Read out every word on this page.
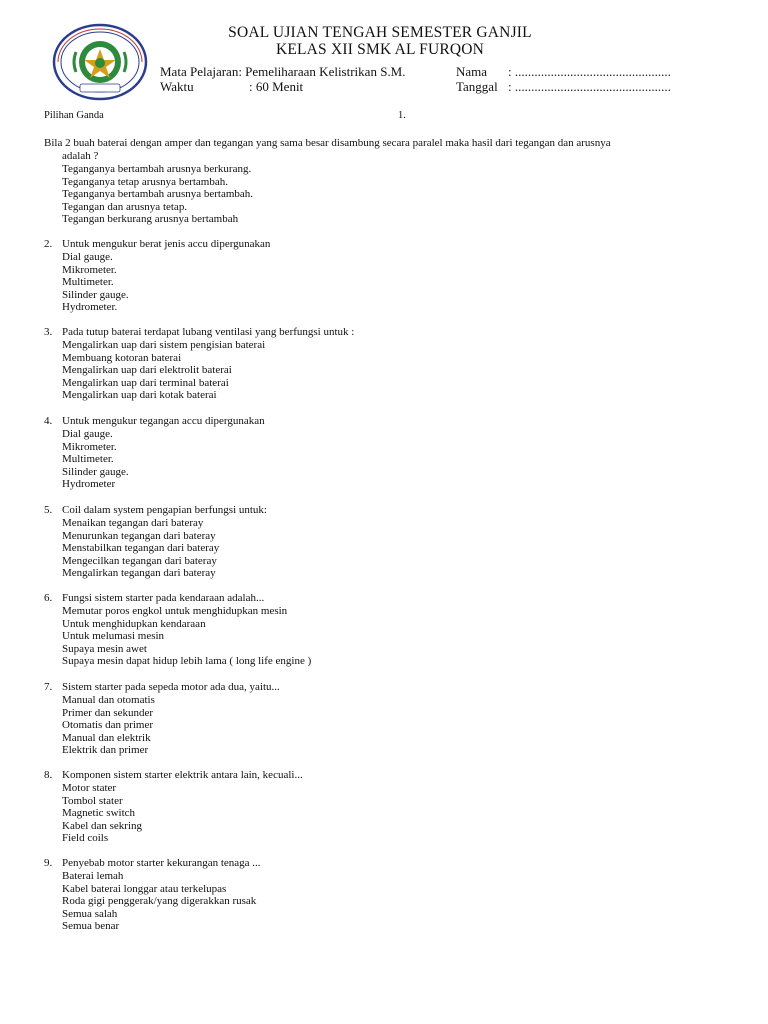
SOAL UJIAN TENGAH SEMESTER GANJIL
KELAS XII SMK AL FURQON
Mata Pelajaran: Pemeliharaan Kelistrikan S.M.
Waktu	: 60 Menit
Nama : ................................................
Tanggal : ................................................
Pilihan Ganda	1.
Bila 2 buah baterai dengan amper dan tegangan yang sama besar disambung secara paralel maka hasil dari tegangan dan arusnya
adalah ?
Teganganya bertambah arusnya berkurang.
Teganganya tetap arusnya bertambah.
Teganganya bertambah arusnya bertambah.
Tegangan dan arusnya tetap.
Tegangan berkurang arusnya bertambah
2. Untuk mengukur berat jenis accu dipergunakan
Dial gauge.
Mikrometer.
Multimeter.
Silinder gauge.
Hydrometer.
3. Pada tutup baterai terdapat lubang ventilasi yang berfungsi untuk :
Mengalirkan uap dari sistem pengisian baterai
Membuang kotoran baterai
Mengalirkan uap dari elektrolit baterai
Mengalirkan uap dari terminal baterai
Mengalirkan uap dari kotak baterai
4. Untuk mengukur tegangan accu dipergunakan
Dial gauge.
Mikrometer.
Multimeter.
Silinder gauge.
Hydrometer
5. Coil dalam system pengapian berfungsi untuk:
Menaikan tegangan dari bateray
Menurunkan tegangan dari bateray
Menstabilkan tegangan dari bateray
Mengecilkan tegangan dari bateray
Mengalirkan tegangan dari bateray
6. Fungsi sistem starter pada kendaraan adalah...
Memutar poros engkol untuk menghidupkan mesin
Untuk menghidupkan kendaraan
Untuk melumasi mesin
Supaya mesin awet
Supaya mesin dapat hidup lebih lama ( long life engine )
7. Sistem starter pada sepeda motor ada dua, yaitu...
Manual dan otomatis
Primer dan sekunder
Otomatis dan primer
Manual dan elektrik
Elektrik dan primer
8. Komponen sistem starter elektrik antara lain, kecuali...
Motor stater
Tombol stater
Magnetic switch
Kabel dan sekring
Field coils
9. Penyebab motor starter kekurangan tenaga ...
Baterai lemah
Kabel baterai longgar atau terkelupas
Roda gigi penggerak/yang digerakkan rusak
Semua salah
Semua benar
